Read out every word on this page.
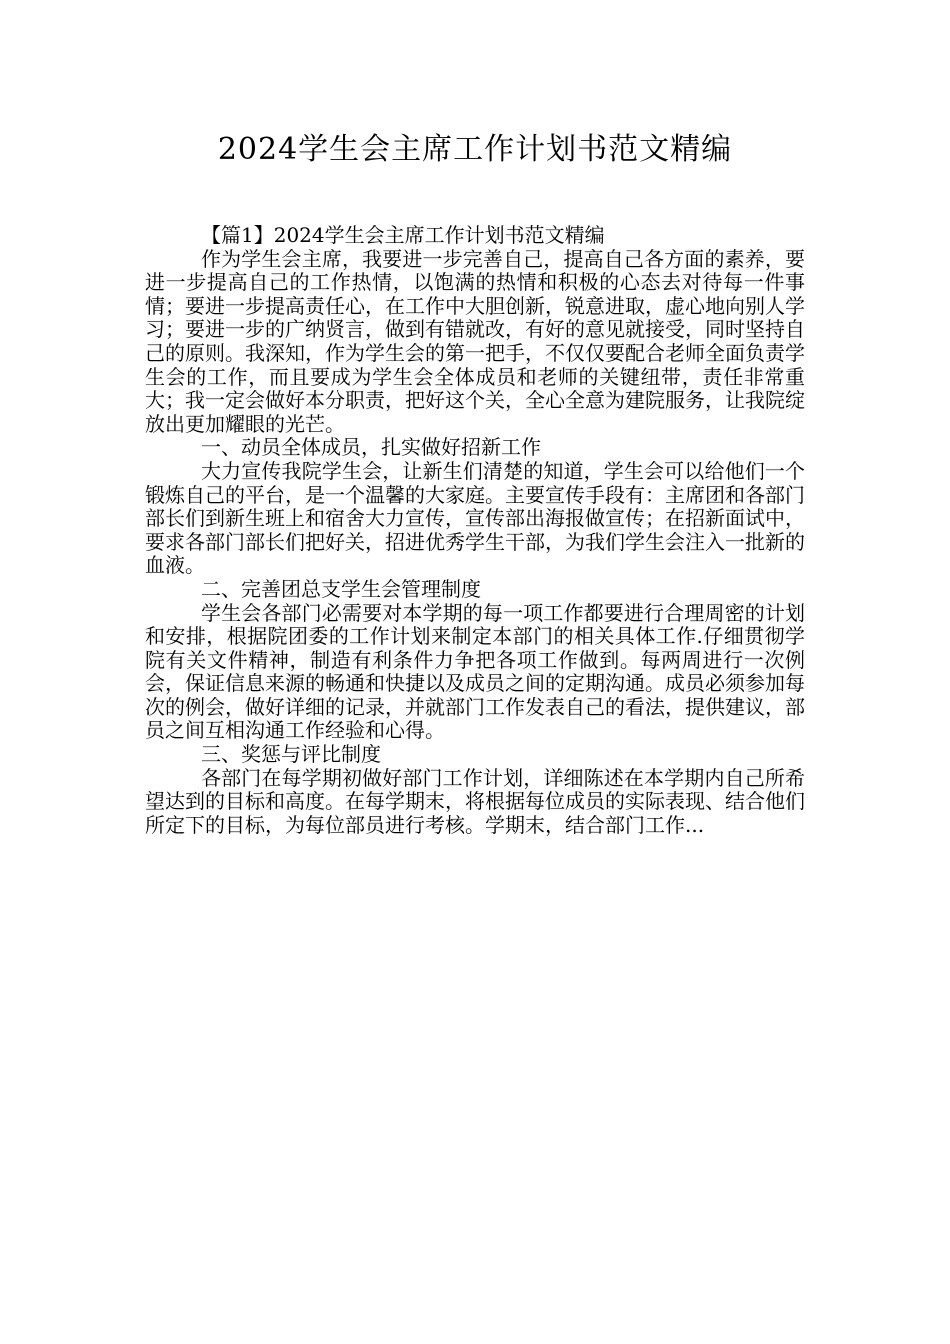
2024学生会主席工作计划书范文精编

【篇1】2024学生会主席工作计划书范文精编

作为学生会主席，我要进一步完善自己，提高自己各方面的素养，要进一步提高自己的工作热情，以饱满的热情和积极的心态去对待每一件事情；要进一步提高责任心，在工作中大胆创新，锐意进取，虚心地向别人学习；要进一步的广纳贤言，做到有错就改，有好的意见就接受，同时坚持自己的原则。我深知，作为学生会的第一把手，不仅仅要配合老师全面负责学生会的工作，而且要成为学生会全体成员和老师的关键纽带，责任非常重大；我一定会做好本分职责，把好这个关，全心全意为建院服务，让我院绽放出更加耀眼的光芒。

一、动员全体成员，扎实做好招新工作

大力宣传我院学生会，让新生们清楚的知道，学生会可以给他们一个锻炼自己的平台，是一个温馨的大家庭。主要宣传手段有：主席团和各部门部长们到新生班上和宿舍大力宣传，宣传部出海报做宣传；在招新面试中，要求各部门部长们把好关，招进优秀学生干部，为我们学生会注入一批新的血液。

二、完善团总支学生会管理制度

学生会各部门必需要对本学期的每一项工作都要进行合理周密的计划和安排，根据院团委的工作计划来制定本部门的相关具体工作.仔细贯彻学院有关文件精神，制造有利条件力争把各项工作做到。每两周进行一次例会，保证信息来源的畅通和快捷以及成员之间的定期沟通。成员必须参加每次的例会，做好详细的记录，并就部门工作发表自己的看法，提供建议，部员之间互相沟通工作经验和心得。

三、奖惩与评比制度

各部门在每学期初做好部门工作计划，详细陈述在本学期内自己所希望达到的目标和高度。在每学期末，将根据每位成员的实际表现、结合他们所定下的目标，为每位部员进行考核。学期末，结合部门工作...
